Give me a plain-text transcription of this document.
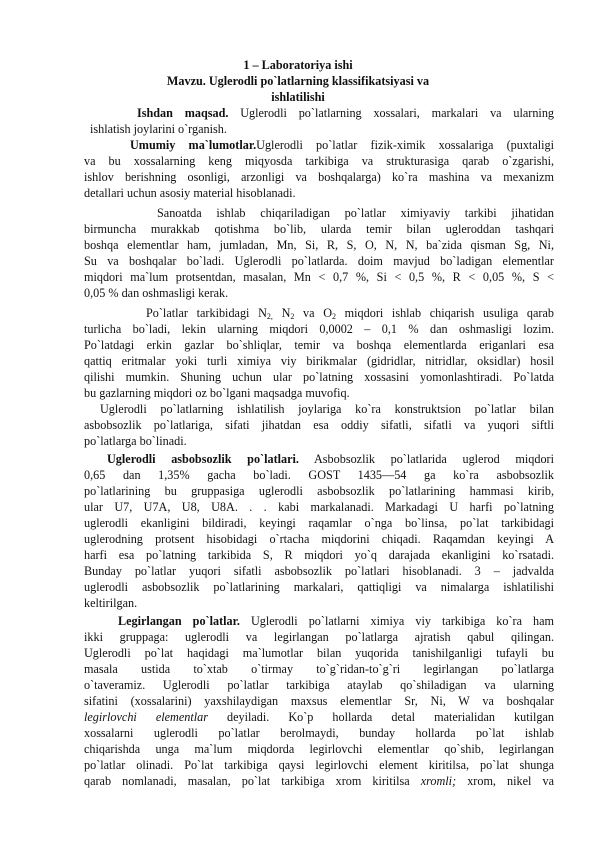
1 – Laboratoriya ishi
Mavzu. Uglerodli po`latlarning klassifikatsiyasi va
ishlatilishi
Ishdan maqsad. Uglerodli po`latlarning xossalari, markalari va ularning
ishlatish joylarini o`rganish.
Umumiy ma`lumotlar.Uglerodli po`latlar fizik-ximik xossalariga (puxtaligi
va bu xossalarning keng miqyosda tarkibiga va strukturasiga qarab o`zgarishi,
ishlov berishning osonligi, arzonligi va boshqalarga) ko`ra mashina va mexanizm
detallari uchun asosiy material hisoblanadi.
Sanoatda ishlab chiqariladigan po`latlar ximiyaviy tarkibi jihatidan
birmuncha murakkab qotishma bo`lib, ularda temir bilan ugleroddan tashqari
boshqa elementlar ham, jumladan, Mn, Si, R, S, O, N, N, ba`zida qisman Sg, Ni,
Su va boshqalar bo`ladi. Uglerodli po`latlarda. doim mavjud bo`ladigan elementlar
miqdori ma`lum protsentdan, masalan, Mn < 0,7 %, Si < 0,5 %, R < 0,05 %, S <
0,05 % dan oshmasligi kerak.
Po`latlar tarkibidagi $N_{2,}$ $N_2$ va $O_2$ miqdori ishlab chiqarish usuliga qarab
turlicha bo`ladi, lekin ularning miqdori 0,0002 – 0,1 % dan oshmasligi lozim.
Po`latdagi erkin gazlar bo`shliqlar, temir va boshqa elementlarda eriganlari esa
qattiq eritmalar yoki turli ximiya viy birikmalar (gidridlar, nitridlar, oksidlar) hosil
qilishi mumkin. Shuning uchun ular po`latning xossasini yomonlashtiradi. Po`latda
bu gazlarning miqdori oz bo`lgani maqsadga muvofiq.
Uglerodli po`latlarning ishlatilish joylariga ko`ra konstruktsion po`latlar bilan
asbobsozlik po`latlariga, sifati jihatdan esa oddiy sifatli, sifatli va yuqori siftli
po`latlarga bo`linadi.
Uglerodli asbobsozlik po`latlari. Asbobsozlik po`latlarida uglerod miqdori
0,65 dan 1,35% gacha bo`ladi. GOST 1435—54 ga ko`ra asbobsozlik
po`latlarining bu gruppasiga uglerodli asbobsozlik po`latlarining hammasi kirib,
ular U7, U7A, U8, U8A. . . kabi markalanadi. Markadagi U harfi po`latning
uglerodli ekanligini bildiradi, keyingi raqamlar o`nga bo`linsa, po`lat tarkibidagi
uglerodning protsent hisobidagi o`rtacha miqdorini chiqadi. Raqamdan keyingi A
harfi esa po`latning tarkibida S, R miqdori yo`q darajada ekanligini ko`rsatadi.
Bunday po`latlar yuqori sifatli asbobsozlik po`latlari hisoblanadi. 3 – jadvalda
uglerodli asbobsozlik po`latlarining markalari, qattiqligi va nimalarga ishlatilishi
keltirilgan.
Legirlangan po`latlar. Uglerodli po`latlarni ximiya viy tarkibiga ko`ra ham
ikki gruppaga: uglerodli va legirlangan po`latlarga ajratish qabul qilingan.
Uglerodli po`lat haqidagi ma`lumotlar bilan yuqorida tanishilganligi tufayli bu
masala ustida to`xtab o`tirmay to`g`ridan-to`g`ri legirlangan po`latlarga
o`taveramiz. Uglerodli po`latlar tarkibiga ataylab qo`shiladigan va ularning
sifatini (xossalarini) yaxshilaydigan maxsus elementlar Sr, Ni, W va boshqalar
legirlovchi elementlar deyiladi. Ko`p hollarda detal materialidan kutilgan
xossalarni uglerodli po`latlar berolmaydi, bunday hollarda po`lat ishlab
chiqarishda unga ma`lum miqdorda legirlovchi elementlar qo`shib, legirlangan
po`latlar olinadi. Po`lat tarkibiga qaysi legirlovchi element kiritilsa, po`lat shunga
qarab nomlanadi, masalan, po`lat tarkibiga xrom kiritilsa xromli; xrom, nikel va
